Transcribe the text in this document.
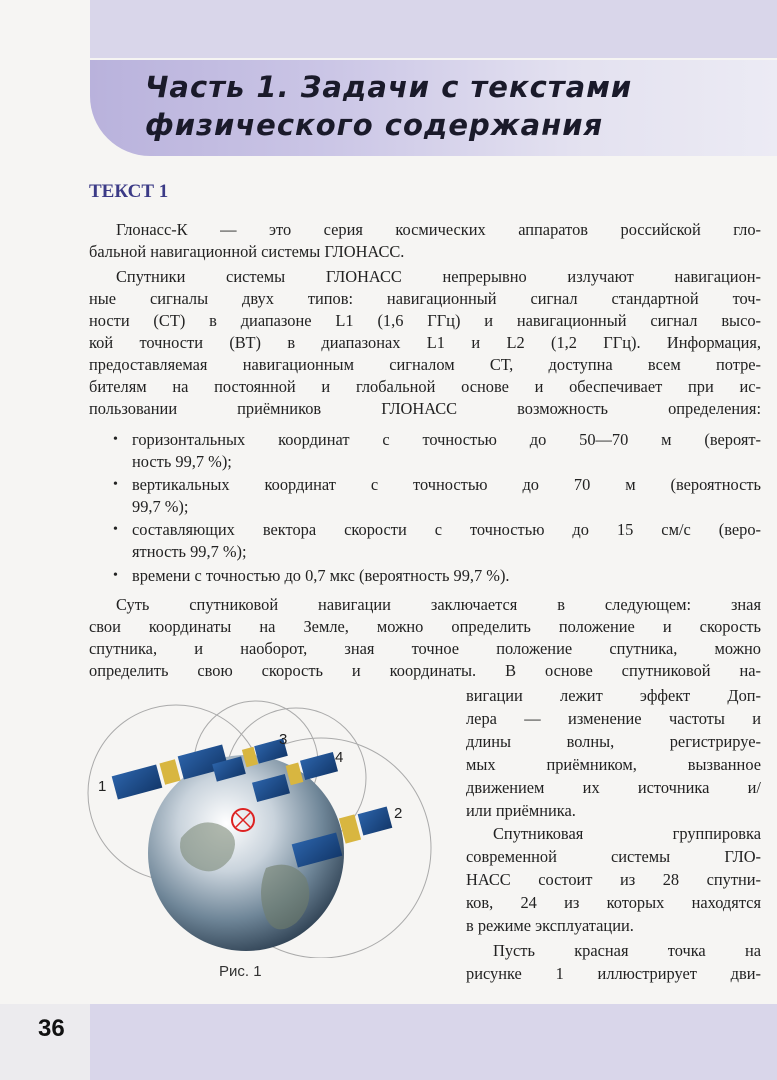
Часть 1. Задачи с текстами
физического содержания
ТЕКСТ 1

Глонасс-К — это серия космических аппаратов российской гло-

бальной навигационной системы ГЛОНАСС.

Спутники системы ГЛОНАСС непрерывно излучают навигацион-

ные сигналы двух типов: навигационный сигнал стандартной точ-

ности (СТ) в диапазоне L1 (1,6 ГГц) и навигационный сигнал высо-

кой точности (ВТ) в диапазонах L1 и L2 (1,2 ГГц). Информация,

предоставляемая навигационным сигналом СТ, доступна всем потре-

бителям на постоянной и глобальной основе и обеспечивает при ис-

пользовании приёмников ГЛОНАСС возможность определения:

• горизонтальных координат с точностью до 50—70 м (вероят-

ность 99,7 %);

• вертикальных координат с точностью до 70 м (вероятность

99,7 %);

• составляющих вектора скорости с точностью до 15 см/с (веро-

ятность 99,7 %);

• времени с точностью до 0,7 мкс (вероятность 99,7 %).

Суть спутниковой навигации заключается в следующем: зная

свои координаты на Земле, можно определить положение и скорость

спутника, и наоборот, зная точное положение спутника, можно

определить свою скорость и координаты. В основе спутниковой на-

вигации лежит эффект Доп-

лера — изменение частоты и

длины волны, регистрируе-

мых приёмником, вызванное

движением их источника и/

или приёмника.

Спутниковая группировка

современной системы ГЛО-

НАСС состоит из 28 спутни-

ков, 24 из которых находятся

в режиме эксплуатации.

Пусть красная точка на

рисунке 1 иллюстрирует дви-

1
2
3
4
Рис. 1
36
